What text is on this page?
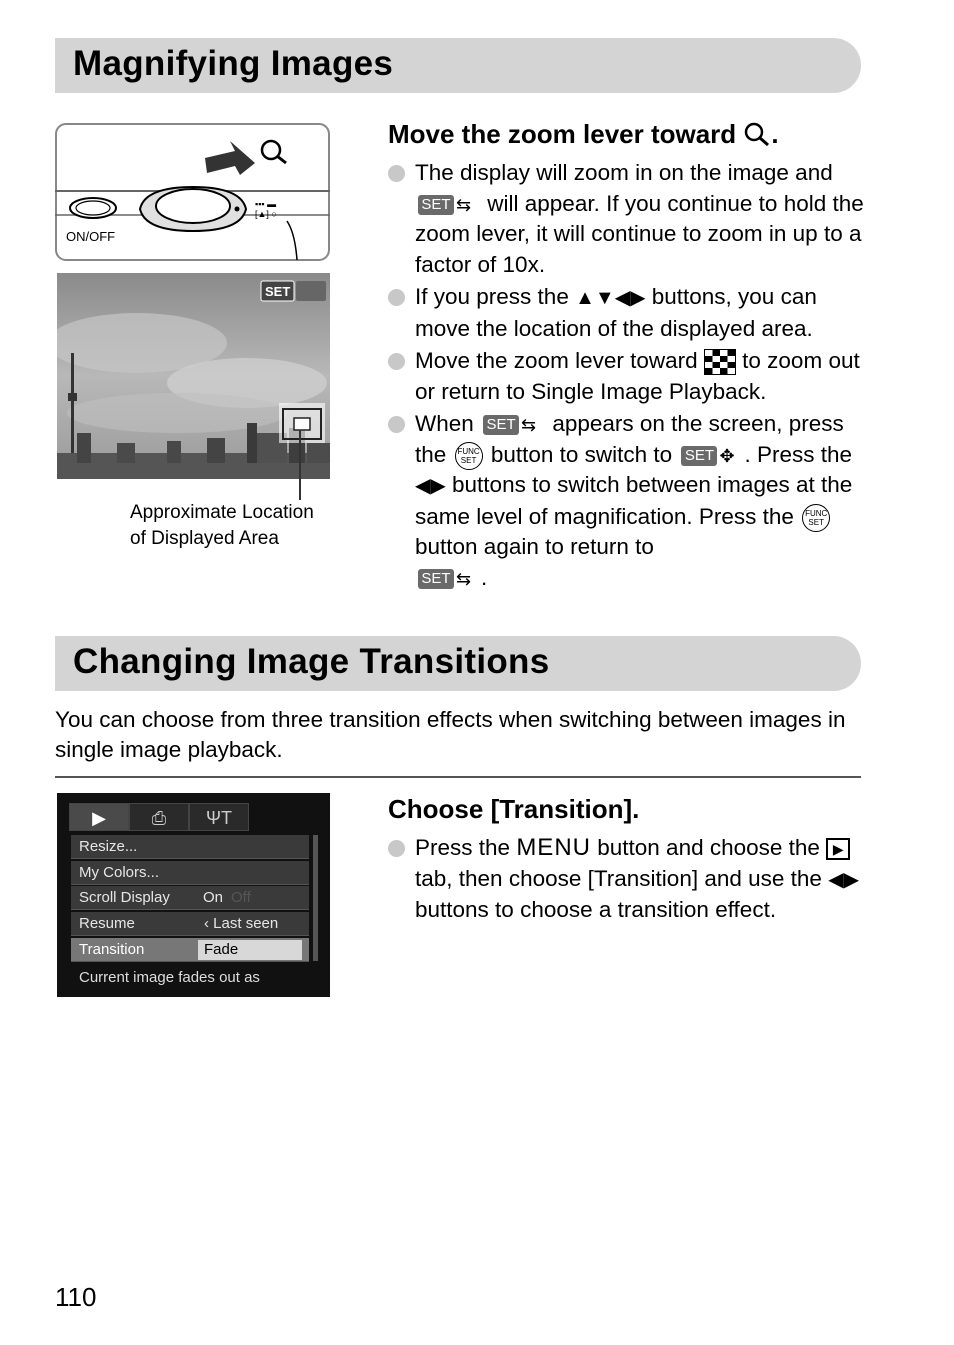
Magnifying Images
▪▪▪ ▬
[▲] ○
ON/OFF
SET
Approximate Location
of Displayed Area
Move the zoom lever toward .
The display will zoom in on the image and

SET ⇆ will appear. If you continue to hold the zoom lever, it will continue to zoom in up to a factor of 10x.
If you press the ▲▼◀▶ buttons, you can move the location of the displayed area.
Move the zoom lever toward to zoom out or return to Single Image Playback.
When SET ⇆ appears on the screen, press the FUNC
SET button to switch to SET ✥ . Press the ◀▶ buttons to switch between images at the same level of magnification. Press the FUNC
SET button again to return to

SET ⇆ .
Changing Image Transitions
You can choose from three transition effects when switching between images in single image playback.
▶	⎙	ΨT
Resize...
My Colors...
Scroll Display On Off
Resume	‹ Last seen
Transition	Fade
Current image fades out as
Choose [Transition].
Press the MENU button and choose the ▶ tab, then choose [Transition] and use the ◀▶ buttons to choose a transition effect.
110
